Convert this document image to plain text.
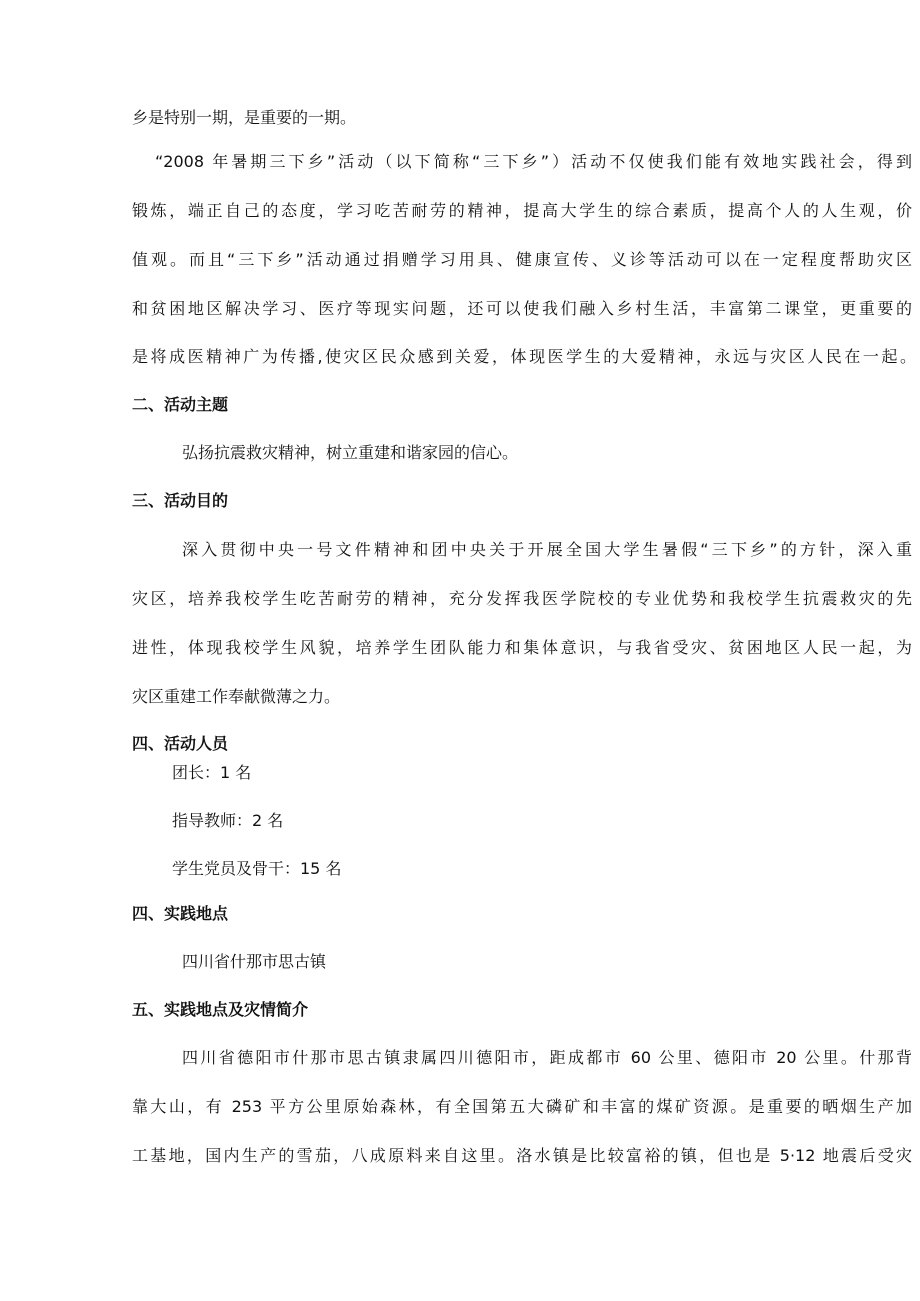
乡是特别一期，是重要的一期。
“2008 年暑期三下乡”活动（以下简称“三下乡”）活动不仅使我们能有效地实践社会，得到
锻炼，端正自己的态度，学习吃苦耐劳的精神，提高大学生的综合素质，提高个人的人生观，价
值观。而且“三下乡”活动通过捐赠学习用具、健康宣传、义诊等活动可以在一定程度帮助灾区
和贫困地区解决学习、医疗等现实问题，还可以使我们融入乡村生活，丰富第二课堂，更重要的
是将成医精神广为传播,使灾区民众感到关爱，体现医学生的大爱精神，永远与灾区人民在一起。
二、活动主题
弘扬抗震救灾精神，树立重建和谐家园的信心。
三、活动目的
深入贯彻中央一号文件精神和团中央关于开展全国大学生暑假“三下乡”的方针，深入重
灾区，培养我校学生吃苦耐劳的精神，充分发挥我医学院校的专业优势和我校学生抗震救灾的先
进性，体现我校学生风貌，培养学生团队能力和集体意识，与我省受灾、贫困地区人民一起，为
灾区重建工作奉献微薄之力。
四、活动人员
团长：1 名
指导教师：2 名
学生党员及骨干：15 名
四、实践地点
四川省什那市思古镇
五、实践地点及灾情简介
四川省德阳市什那市思古镇隶属四川德阳市，距成都市 60 公里、德阳市 20 公里。什那背
靠大山，有 253 平方公里原始森林，有全国第五大磷矿和丰富的煤矿资源。是重要的晒烟生产加
工基地，国内生产的雪茄，八成原料来自这里。洛水镇是比较富裕的镇，但也是 5·12 地震后受灾
